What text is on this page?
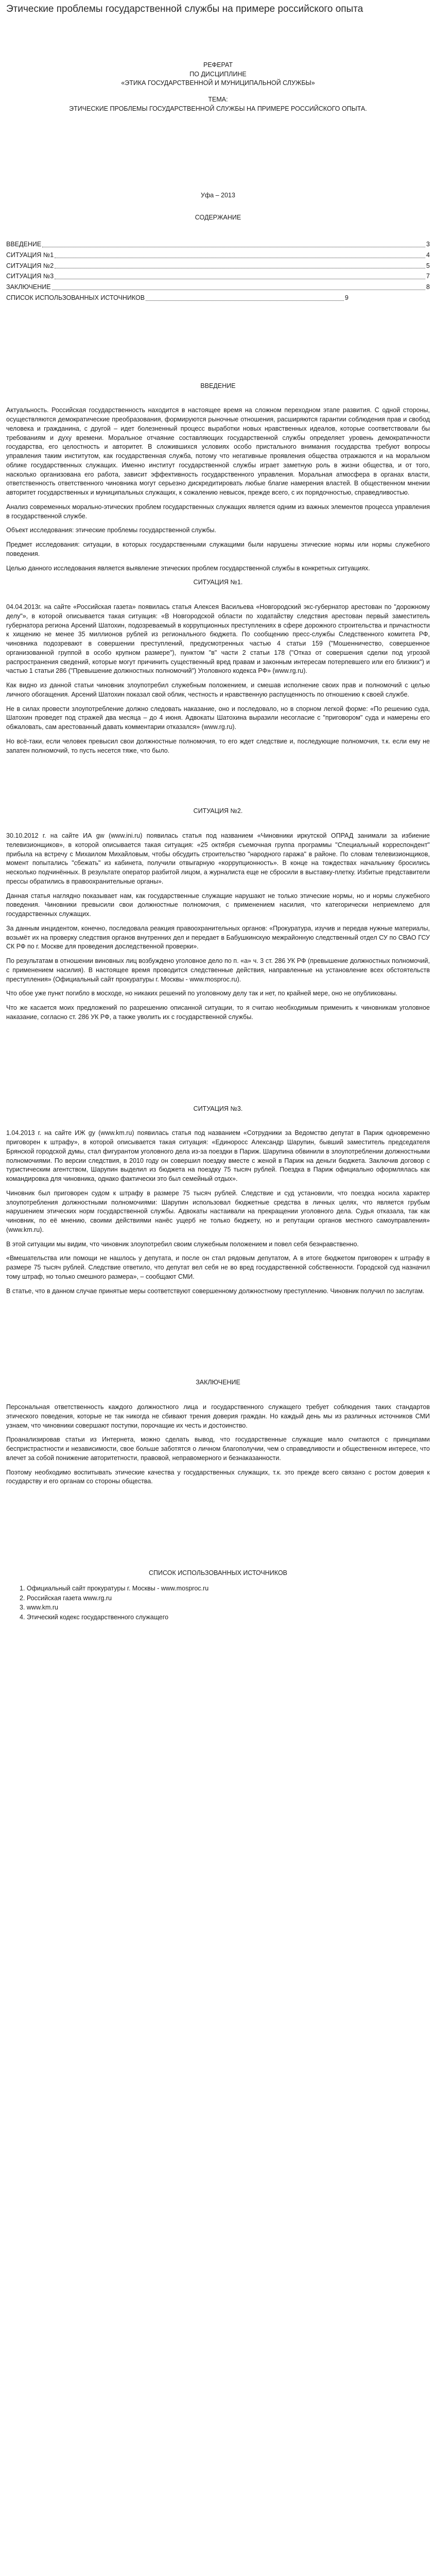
Этические проблемы государственной службы на примере российского опыта
РЕФЕРАТ
ПО ДИСЦИПЛИНЕ
«ЭТИКА ГОСУДАРСТВЕННОЙ И МУНИЦИПАЛЬНОЙ СЛУЖБЫ»
ТЕМА:
ЭТИЧЕСКИЕ ПРОБЛЕМЫ ГОСУДАРСТВЕННОЙ СЛУЖБЫ НА ПРИМЕРЕ РОССИЙСКОГО ОПЫТА.
Уфа – 2013
СОДЕРЖАНИЕ
ВВЕДЕНИЕ	3
СИТУАЦИЯ №1	4
СИТУАЦИЯ №2	5
СИТУАЦИЯ №3	7
ЗАКЛЮЧЕНИЕ	8
СПИСОК ИСПОЛЬЗОВАННЫХ ИСТОЧНИКОВ	9
ВВЕДЕНИЕ

Актуальность. Российская государственность находится в настоящее время на сложном переходном этапе развития. С одной стороны, осуществляются демократические преобразования, формируются рыночные отношения, расширяются гарантии соблюдения прав и свобод человека и гражданина, с другой – идет болезненный процесс выработки новых нравственных идеалов, которые соответствовали бы требованиям и духу времени. Моральное отчаяние составляющих государственной службы определяет уровень демократичности государства, его целостность и авторитет. В сложившихся условиях особо пристального внимания государства требуют вопросы управления таким институтом, как государственная служба, потому что негативные проявления общества отражаются и на моральном облике государственных служащих. Именно институт государственной службы играет заметную роль в жизни общества, и от того, насколько организована его работа, зависит эффективность государственного управления. Моральная атмосфера в органах власти, ответственность ответственного чиновника могут серьезно дискредитировать любые благие намерения властей. В общественном мнении авторитет государственных и муниципальных служащих, к сожалению невысок, прежде всего, с их порядочностью, справедливостью.

Анализ современных морально-этических проблем государственных служащих является одним из важных элементов процесса управления в государственной службе.

Объект исследования: этические проблемы государственной службы.

Предмет исследования: ситуации, в которых государственными служащими были нарушены этические нормы или нормы служебного поведения.

Целью данного исследования является выявление этических проблем государственной службы в конкретных ситуациях.

СИТУАЦИЯ №1.

04.04.2013г. на сайте «Российская газета» появилась статья Алексея Васильева «Новгородский экс-губернатор арестован по "дорожному делу"», в которой описывается такая ситуация: «В Новгородской области по ходатайству следствия арестован первый заместитель губернатора региона Арсений Шатохин, подозреваемый в коррупционных преступлениях в сфере дорожного строительства и причастности к хищению не менее 35 миллионов рублей из регионального бюджета. По сообщению пресс-службы Следственного комитета РФ, чиновника подозревают в совершении преступлений, предусмотренных частью 4 статьи 159 ("Мошенничество, совершенное организованной группой в особо крупном размере"), пунктом "в" части 2 статьи 178 ("Отказ от совершения сделки под угрозой распространения сведений, которые могут причинить существенный вред правам и законным интересам потерпевшего или его близких") и частью 1 статьи 286 ("Превышение должностных полномочий") Уголовного кодекса РФ» (www.rg.ru).

Как видно из данной статьи чиновник злоупотребил служебным положением, и смешав исполнение своих прав и полномочий с целью личного обогащения. Арсений Шатохин показал свой облик, честность и нравственную распущенность по отношению к своей службе.

Не в силах провести злоупотребление должно следовать наказание, оно и последовало, но в спорном легкой форме: «По решению суда, Шатохин проведет под стражей два месяца – до 4 июня. Адвокаты Шатохина выразили несогласие с "приговором" суда и намерены его обжаловать, сам арестованный давать комментарии отказался» (www.rg.ru).

Но всё-таки, если человек превысил свои должностные полномочия, то его ждет следствие и, последующие полномочия, т.к. если ему не запатен полномочий, то пусть несется тяже, что было.

СИТУАЦИЯ №2.

30.10.2012 г. на сайте ИА gw (www.ini.ru) появилась статья под названием «Чиновники иркутской ОПРАД занимали за избиение телевизионщиков», в которой описывается такая ситуация: «25 октября съемочная группа программы "Специальный корреспондент" прибыла на встречу с Михаилом Михайловым, чтобы обсудить строительство "народного гаража" в районе. По словам телевизионщиков, момент попытались "сбежать" из кабинета, получили отвыгарную «коррупционность». В конце на тождествах начальнику бросились несколько подчинённых. В результате оператор разбитой лицом, а журналиста еще не сбросили в выставку-плетку. Избитые представители прессы обратились в правоохранительные органы».

Данная статья наглядно показывает нам, как государственные служащие нарушают не только этические нормы, но и нормы служебного поведения. Чиновники превысили свои должностные полномочия, с применением насилия, что категорически неприемлемо для государственных служащих.

За данным инцидентом, конечно, последовала реакция правоохранительных органов: «Прокуратура, изучив и передав нужные материалы, возьмёт их на проверку следствия органов внутренних дел и передает в Бабушкинскую межрайонную следственный отдел СУ по СВАО ГСУ СК РФ по г. Москве для проведения доследственной проверки».

По результатам в отношении виновных лиц возбуждено уголовное дело по п. «а» ч. 3 ст. 286 УК РФ (превышение должностных полномочий, с применением насилия). В настоящее время проводится следственные действия, направленные на установление всех обстоятельств преступления» (Официальный сайт прокуратуры г. Москвы - www.mosproc.ru).

Что обое уже пункт погибло в мосходе, но никаких решений по уголовному делу так и нет, по крайней мере, оно не опубликованы.

Что же касается моих предложений по разрешению описанной ситуации, то я считаю необходимым применить к чиновникам уголовное наказание, согласно ст. 286 УК РФ, а также уволить их с государственной службы.

СИТУАЦИЯ №3.

1.04.2013 г. на сайте ИЖ gy (www.km.ru) появилась статья под названием «Сотрудники за Ведомство депутат в Париж одновременно приговорен к штрафу», в которой описывается такая ситуация: «Единоросс Александр Шарупин, бывший заместитель председателя Брянской городской думы, стал фигурантом уголовного дела из-за поездки в Париж. Шарупина обвинили в злоупотреблении должностными полномочиями. По версии следствия, в 2010 году он совершил поездку вместе с женой в Париж на деньги бюджета. Заключив договор с туристическим агентством, Шарупин выделил из бюджета на поездку 75 тысяч рублей. Поездка в Париж официально оформлялась как командировка для чиновника, однако фактически это был семейный отдых».

Чиновник был приговорен судом к штрафу в размере 75 тысяч рублей. Следствие и суд установили, что поездка носила характер злоупотребления должностными полномочиями: Шарупин использовал бюджетные средства в личных целях, что является грубым нарушением этических норм государственной службы. Адвокаты настаивали на прекращении уголовного дела. Судья отказала, так как чиновник, по её мнению, своими действиями нанёс ущерб не только бюджету, но и репутации органов местного самоуправления» (www.km.ru).

В этой ситуации мы видим, что чиновник злоупотребил своим служебным положением и повел себя безнравственно.

«Вмешательства или помощи не нашлось у депутата, и после он стал рядовым депутатом, А в итоге бюджетом приговорен к штрафу в размере 75 тысяч рублей. Следствие ответило, что депутат вел себя не во вред государственной собственности. Городской суд назначил тому штраф, но только смешного размера», – сообщают СМИ.

В статье, что в данном случае принятые меры соответствуют совершенному должностному преступлению. Чиновник получил по заслугам.

ЗАКЛЮЧЕНИЕ

Персональная ответственность каждого должностного лица и государственного служащего требует соблюдения таких стандартов этического поведения, которые не так никогда не сбивают трения доверия граждан. Но каждый день мы из различных источников СМИ узнаем, что чиновники совершают поступки, порочащие их честь и достоинство.

Проанализировав статьи из Интернета, можно сделать вывод, что государственные служащие мало считаются с принципами беспристрастности и независимости, свое больше заботятся о личном благополучии, чем о справедливости и общественном интересе, что влечет за собой понижение авторитетности, правовой, неправомерного и безнаказанности.

Поэтому необходимо воспитывать этические качества у государственных служащих, т.к. это прежде всего связано с ростом доверия к государству и его органам со стороны общества.

СПИСОК ИСПОЛЬЗОВАННЫХ ИСТОЧНИКОВ
1. Официальный сайт прокуратуры г. Москвы - www.mosproc.ru
2. Российская газета www.rg.ru
3. www.km.ru
4. Этический кодекс государственного служащего
